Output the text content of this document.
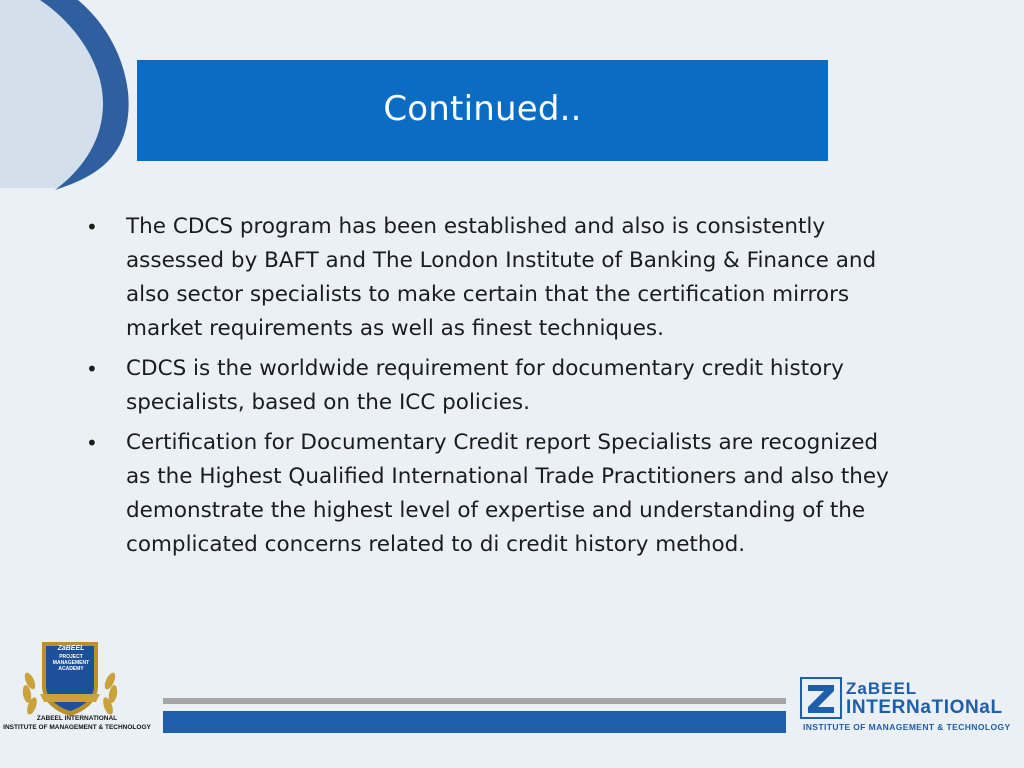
Continued..
• The CDCS program has been established and also is consistently assessed by BAFT and The London Institute of Banking & Finance and also sector specialists to make certain that the certification mirrors market requirements as well as finest techniques.
• CDCS is the worldwide requirement for documentary credit history specialists, based on the ICC policies.
• Certification for Documentary Credit report Specialists are recognized as the Highest Qualified International Trade Practitioners and also they demonstrate the highest level of expertise and understanding of the complicated concerns related to di credit history method.
ZaBEEL
PROJECT MANAGEMENT ACADEMY
ZABEEL INTERNATIONAL
INSTITUTE OF MANAGEMENT & TECHNOLOGY
ZaBEEL
INTERNaTIONaL
INSTITUTE OF MANAGEMENT & TECHNOLOGY
